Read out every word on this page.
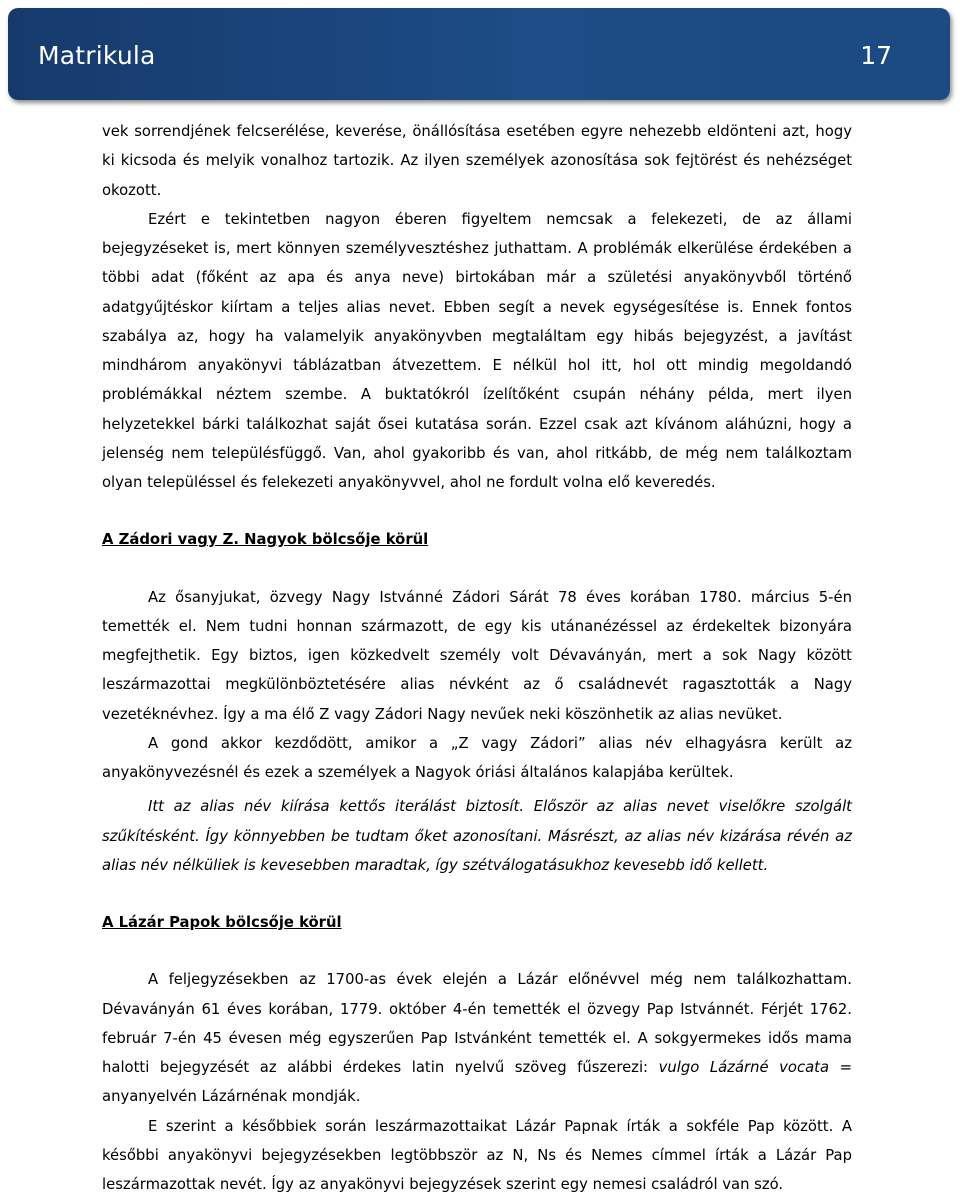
Matrikula	17

vek sorrendjének felcserélése, keverése, önállósítása esetében egyre nehezebb eldönteni azt, hogy ki kicsoda és melyik vonalhoz tartozik. Az ilyen személyek azonosítása sok fejtörést és nehézséget okozott.

Ezért e tekintetben nagyon éberen figyeltem nemcsak a felekezeti, de az állami bejegyzéseket is, mert könnyen személyvesztéshez juthattam. A problémák elkerülése érdekében a többi adat (főként az apa és anya neve) birtokában már a születési anyakönyvből történő adatgyűjtéskor kiírtam a teljes alias nevet. Ebben segít a nevek egységesítése is. Ennek fontos szabálya az, hogy ha valamelyik anyakönyvben megtaláltam egy hibás bejegyzést, a javítást mindhárom anyakönyvi táblázatban átvezettem. E nélkül hol itt, hol ott mindig megoldandó problémákkal néztem szembe. A buktatókról ízelítőként csupán néhány példa, mert ilyen helyzetekkel bárki találkozhat saját ősei kutatása során. Ezzel csak azt kívánom aláhúzni, hogy a jelenség nem településfüggő. Van, ahol gyakoribb és van, ahol ritkább, de még nem találkoztam olyan településsel és felekezeti anyakönyvvel, ahol ne fordult volna elő keveredés.

A Zádori vagy Z. Nagyok bölcsője körül

Az ősanyjukat, özvegy Nagy Istvánné Zádori Sárát 78 éves korában 1780. március 5-én temették el. Nem tudni honnan származott, de egy kis utánanézéssel az érdekeltek bizonyára megfejthetik. Egy biztos, igen közkedvelt személy volt Dévaványán, mert a sok Nagy között leszármazottai megkülönböztetésére alias névként az ő családnevét ragasztották a Nagy vezetéknévhez. Így a ma élő Z vagy Zádori Nagy nevűek neki köszönhetik az alias nevüket.

A gond akkor kezdődött, amikor a „Z vagy Zádori” alias név elhagyásra került az anyakönyvezésnél és ezek a személyek a Nagyok óriási általános kalapjába kerültek.

Itt az alias név kiírása kettős iterálást biztosít. Először az alias nevet viselőkre szolgált szűkítésként. Így könnyebben be tudtam őket azonosítani. Másrészt, az alias név kizárása révén az alias név nélküliek is kevesebben maradtak, így szétválogatásukhoz kevesebb idő kellett.

A Lázár Papok bölcsője körül

A feljegyzésekben az 1700-as évek elején a Lázár előnévvel még nem találkozhattam. Dévaványán 61 éves korában, 1779. október 4-én temették el özvegy Pap Istvánnét. Férjét 1762. február 7-én 45 évesen még egyszerűen Pap Istvánként temették el. A sokgyermekes idős mama halotti bejegyzését az alábbi érdekes latin nyelvű szöveg fűszerezi: vulgo Lázárné vocata = anyanyelvén Lázárnénak mondják.

E szerint a későbbiek során leszármazottaikat Lázár Papnak írták a sokféle Pap között. A későbbi anyakönyvi bejegyzésekben legtöbbször az N, Ns és Nemes címmel írták a Lázár Pap leszármazottak nevét. Így az anyakönyvi bejegyzések szerint egy nemesi családról van szó.
